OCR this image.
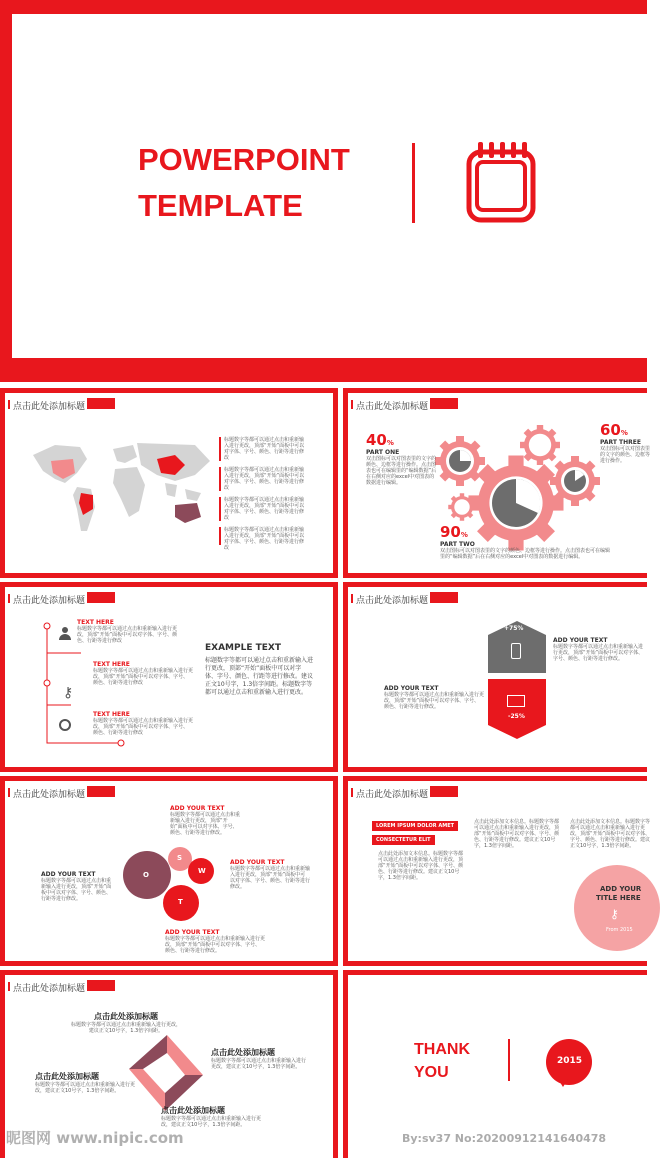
POWERPOINT
TEMPLATE
点击此处添加标题
标题数字等都可以通过点击和重新输入进行更改，顶部“开始”面板中可以对字体、字号、颜色、行距等进行修改
标题数字等都可以通过点击和重新输入进行更改，顶部“开始”面板中可以对字体、字号、颜色、行距等进行修改
标题数字等都可以通过点击和重新输入进行更改，顶部“开始”面板中可以对字体、字号、颜色、行距等进行修改
标题数字等都可以通过点击和重新输入进行更改，顶部“开始”面板中可以对字体、字号、颜色、行距等进行修改
点击此处添加标题
40%
PART ONE
双击图标可以对图表里的文字的颜色、边框等进行操作。点击图表也可在编辑里的“编辑数据”后在右侧对应的excel中对图表的数据进行编辑。
90%
PART TWO
双击图标可以对图表里的文字的颜色、边框等进行操作。点击图表也可在编辑里的“编辑数据”后在右侧对应的excel中对图表的数据进行编辑。
60%
PART THREE
双击图标可以对图表里的文字的颜色、边框等进行操作。
点击此处添加标题
⚷
TEXT HERE
标题数字等都可以通过点击和重新输入进行更改，顶部“开始”面板中可以对字体、字号、颜色、行距等进行修改
TEXT HERE
标题数字等都可以通过点击和重新输入进行更改，顶部“开始”面板中可以对字体、字号、颜色、行距等进行修改
TEXT HERE
标题数字等都可以通过点击和重新输入进行更改，顶部“开始”面板中可以对字体、字号、颜色、行距等进行修改
EXAMPLE TEXT
标题数字等都可以通过点击和重新输入进行更改，顶部“开始”面板中可以对字体、字号、颜色、行距等进行修改。建议正文10号字，1.3倍字间距。标题数字等都可以通过点击和重新输入进行更改。
点击此处添加标题
+75%
-25%
ADD YOUR TEXT
标题数字等都可以通过点击和重新输入进行更改，顶部“开始”面板中可以对字体、字号、颜色、行距等进行修改。
ADD YOUR TEXT
标题数字等都可以通过点击和重新输入进行更改，顶部“开始”面板中可以对字体、字号、颜色、行距等进行修改。
点击此处添加标题
S
W
O
T
ADD YOUR TEXT
标题数字等都可以通过点击和重新输入进行更改，顶部“开始”面板中可以对字体、字号、颜色、行距等进行修改。
ADD YOUR TEXT
标题数字等都可以通过点击和重新输入进行更改，顶部“开始”面板中可以对字体、字号、颜色、行距等进行修改。
ADD YOUR TEXT
标题数字等都可以通过点击和重新输入进行更改，顶部“开始”面板中可以对字体、字号、颜色、行距等进行修改。
ADD YOUR TEXT
标题数字等都可以通过点击和重新输入进行更改，顶部“开始”面板中可以对字体、字号、颜色、行距等进行修改。
点击此处添加标题
LOREM IPSUM DOLOR AMET
CONSECTETUR ELIT
点击此处添加文本信息。标题数字等都可以通过点击和重新输入进行更改，顶部“开始”面板中可以对字体、字号、颜色、行距等进行修改。建议正文10号字，1.3倍字间距。
点击此处添加文本信息。标题数字等都可以通过点击和重新输入进行更改，顶部“开始”面板中可以对字体、字号、颜色、行距等进行修改。建议正文10号字，1.3倍字间距。
点击此处添加文本信息。标题数字等都可以通过点击和重新输入进行更改，顶部“开始”面板中可以对字体、字号、颜色、行距等进行修改。建议正文10号字，1.3倍字间距。
ADD YOUR
TITLE HERE
⚷
From 2015
点击此处添加标题
点击此处添加标题
标题数字等都可以通过点击和重新输入进行更改，建议正文10号字，1.3倍字间距。
点击此处添加标题
标题数字等都可以通过点击和重新输入进行更改，建议正文10号字，1.3倍字间距。
点击此处添加标题
标题数字等都可以通过点击和重新输入进行更改，建议正文10号字，1.3倍字间距。
点击此处添加标题
标题数字等都可以通过点击和重新输入进行更改，建议正文10号字，1.3倍字间距。
THANK
YOU
2015
昵图网 www.nipic.com	By:sv37 No:20200912141640478
